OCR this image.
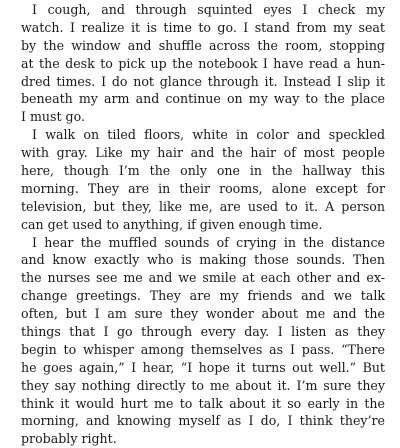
I cough, and through squinted eyes I check my
watch. I realize it is time to go. I stand from my seat
by the window and shuffle across the room, stopping
at the desk to pick up the notebook I have read a hun-
dred times. I do not glance through it. Instead I slip it
beneath my arm and continue on my way to the place
I must go.
I walk on tiled floors, white in color and speckled
with gray. Like my hair and the hair of most people
here, though I’m the only one in the hallway this
morning. They are in their rooms, alone except for
television, but they, like me, are used to it. A person
can get used to anything, if given enough time.
I hear the muffled sounds of crying in the distance
and know exactly who is making those sounds. Then
the nurses see me and we smile at each other and ex-
change greetings. They are my friends and we talk
often, but I am sure they wonder about me and the
things that I go through every day. I listen as they
begin to whisper among themselves as I pass. “There
he goes again,” I hear, “I hope it turns out well.” But
they say nothing directly to me about it. I’m sure they
think it would hurt me to talk about it so early in the
morning, and knowing myself as I do, I think they’re
probably right.
